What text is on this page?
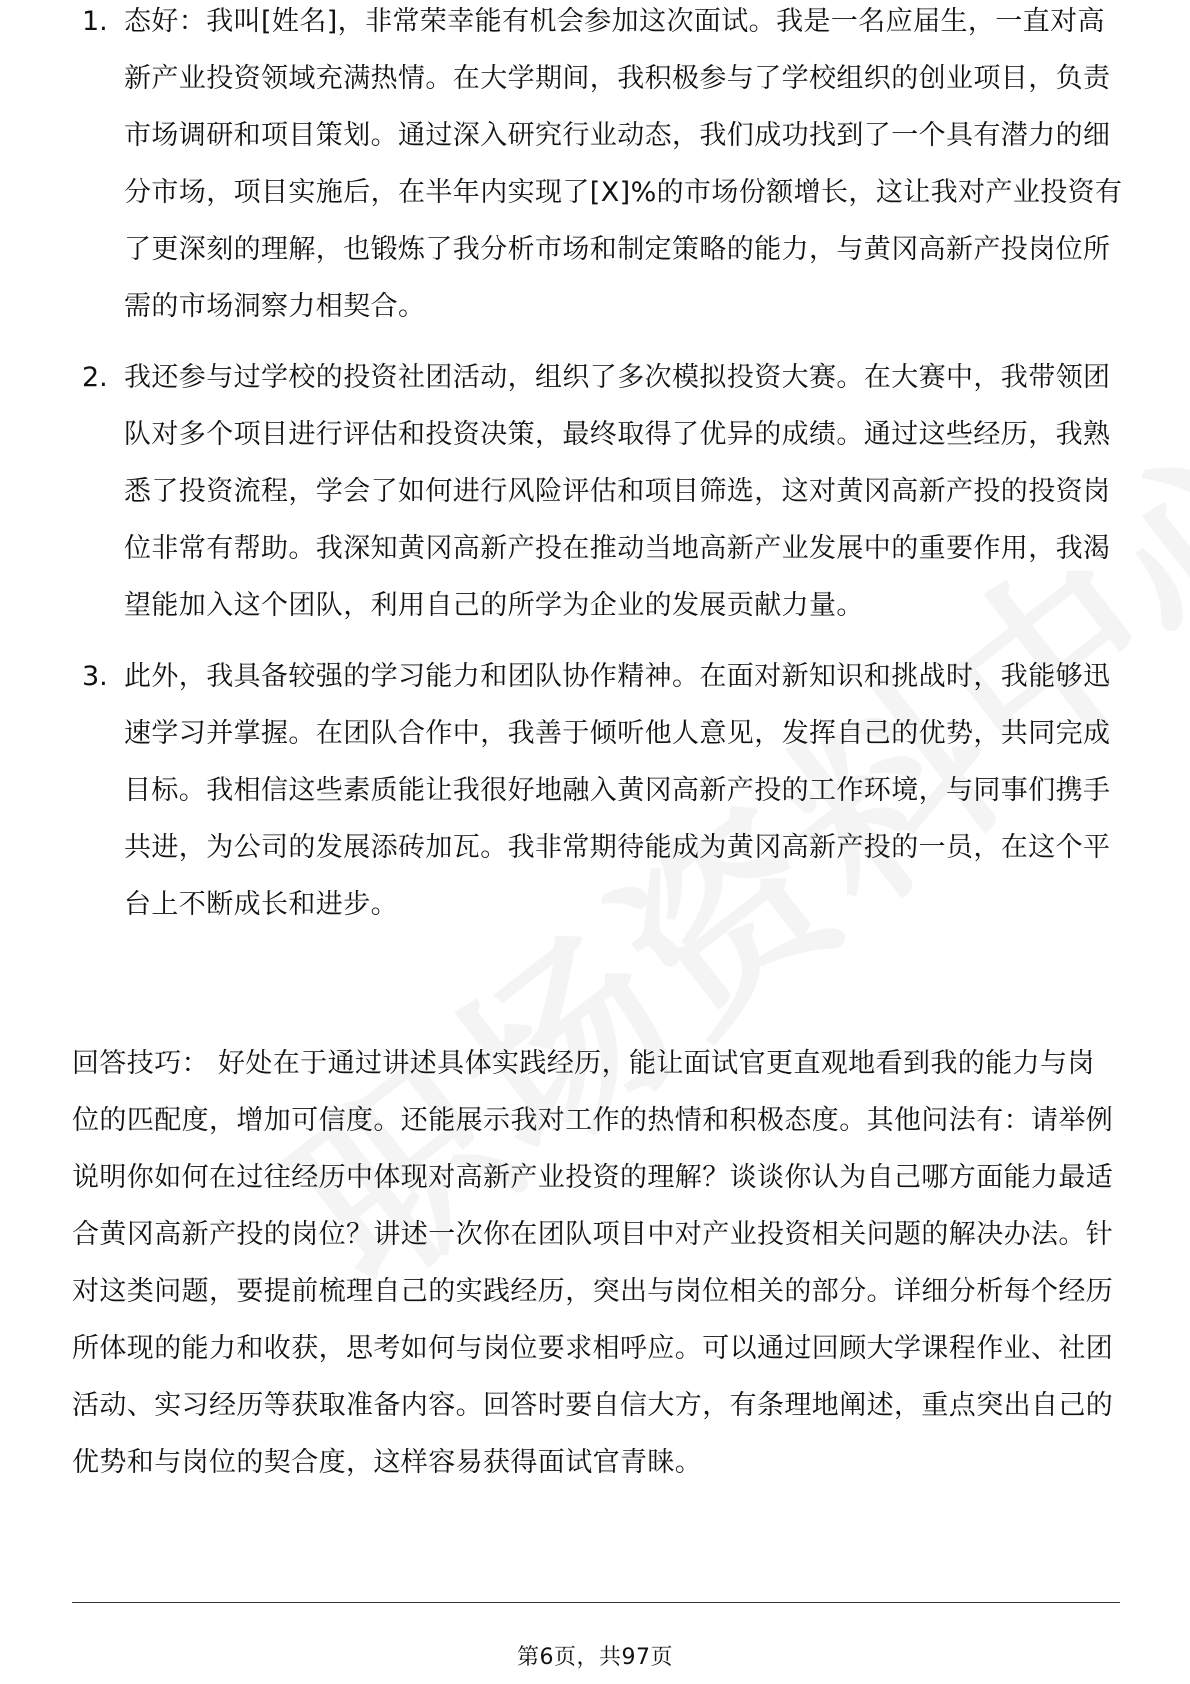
1. 态好：我叫[姓名]，非常荣幸能有机会参加这次面试。我是一名应届生，一直对高新产业投资领域充满热情。在大学期间，我积极参与了学校组织的创业项目，负责市场调研和项目策划。通过深入研究行业动态，我们成功找到了一个具有潜力的细分市场，项目实施后，在半年内实现了[X]%的市场份额增长，这让我对产业投资有了更深刻的理解，也锻炼了我分析市场和制定策略的能力，与黄冈高新产投岗位所需的市场洞察力相契合。

2. 我还参与过学校的投资社团活动，组织了多次模拟投资大赛。在大赛中，我带领团队对多个项目进行评估和投资决策，最终取得了优异的成绩。通过这些经历，我熟悉了投资流程，学会了如何进行风险评估和项目筛选，这对黄冈高新产投的投资岗位非常有帮助。我深知黄冈高新产投在推动当地高新产业发展中的重要作用，我渴望能加入这个团队，利用自己的所学为企业的发展贡献力量。

3. 此外，我具备较强的学习能力和团队协作精神。在面对新知识和挑战时，我能够迅速学习并掌握。在团队合作中，我善于倾听他人意见，发挥自己的优势，共同完成目标。我相信这些素质能让我很好地融入黄冈高新产投的工作环境，与同事们携手共进，为公司的发展添砖加瓦。我非常期待能成为黄冈高新产投的一员，在这个平台上不断成长和进步。

回答技巧： 好处在于通过讲述具体实践经历，能让面试官更直观地看到我的能力与岗位的匹配度，增加可信度。还能展示我对工作的热情和积极态度。其他问法有：请举例说明你如何在过往经历中体现对高新产业投资的理解？谈谈你认为自己哪方面能力最适合黄冈高新产投的岗位？讲述一次你在团队项目中对产业投资相关问题的解决办法。针对这类问题，要提前梳理自己的实践经历，突出与岗位相关的部分。详细分析每个经历所体现的能力和收获，思考如何与岗位要求相呼应。可以通过回顾大学课程作业、社团活动、实习经历等获取准备内容。回答时要自信大方，有条理地阐述，重点突出自己的优势和与岗位的契合度，这样容易获得面试官青睐。

第6页，共97页
